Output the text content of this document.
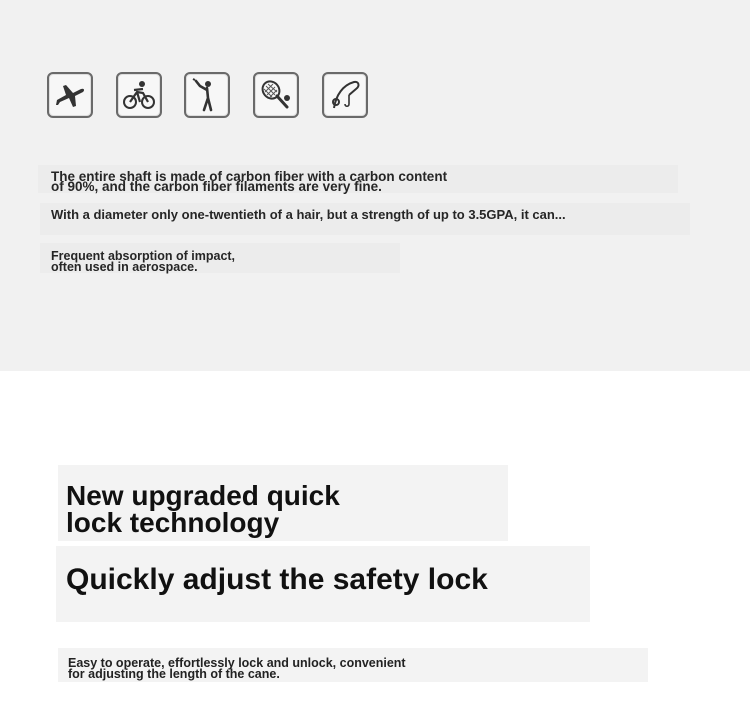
The entire shaft is made of carbon fiber with a carbon content
of 90%, and the carbon fiber filaments are very fine.

With a diameter only one-twentieth of a hair, but a strength of up to 3.5GPA, it can...

Frequent absorption of impact,
often used in aerospace.

New upgraded quick
lock technology
Quickly adjust the safety lock

Easy to operate, effortlessly lock and unlock, convenient
for adjusting the length of the cane.
